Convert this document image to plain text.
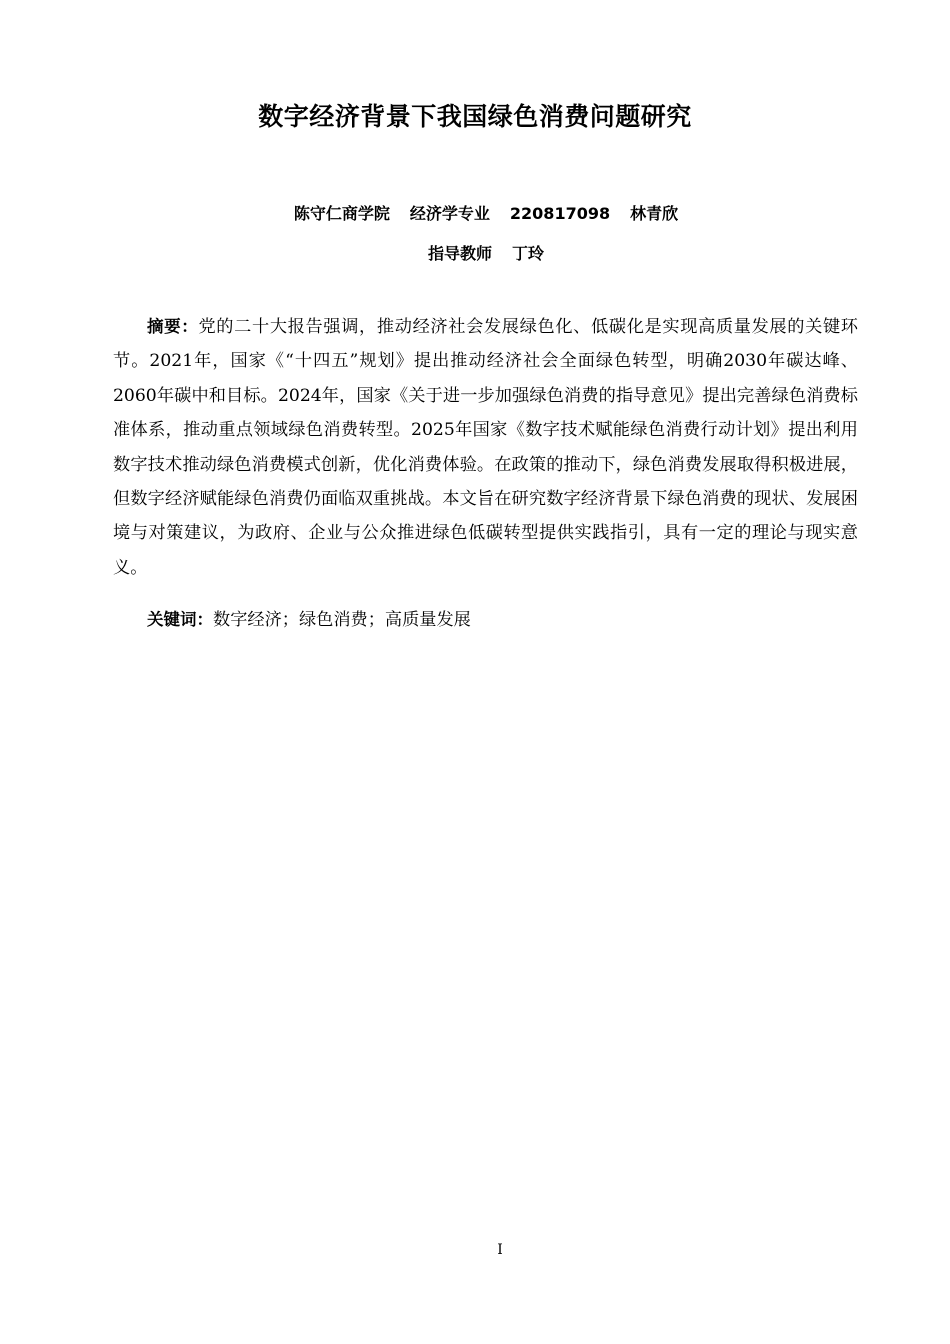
数字经济背景下我国绿色消费问题研究
陈守仁商学院 经济学专业 220817098 林青欣
指导教师 丁玲

摘要：党的二十大报告强调，推动经济社会发展绿色化、低碳化是实现高质量发展的关键环节。2021年，国家《“十四五”规划》提出推动经济社会全面绿色转型，明确2030年碳达峰、2060年碳中和目标。2024年，国家《关于进一步加强绿色消费的指导意见》提出完善绿色消费标准体系，推动重点领域绿色消费转型。2025年国家《数字技术赋能绿色消费行动计划》提出利用数字技术推动绿色消费模式创新，优化消费体验。在政策的推动下，绿色消费发展取得积极进展，但数字经济赋能绿色消费仍面临双重挑战。本文旨在研究数字经济背景下绿色消费的现状、发展困境与对策建议，为政府、企业与公众推进绿色低碳转型提供实践指引，具有一定的理论与现实意义。

关键词：数字经济；绿色消费；高质量发展

I
